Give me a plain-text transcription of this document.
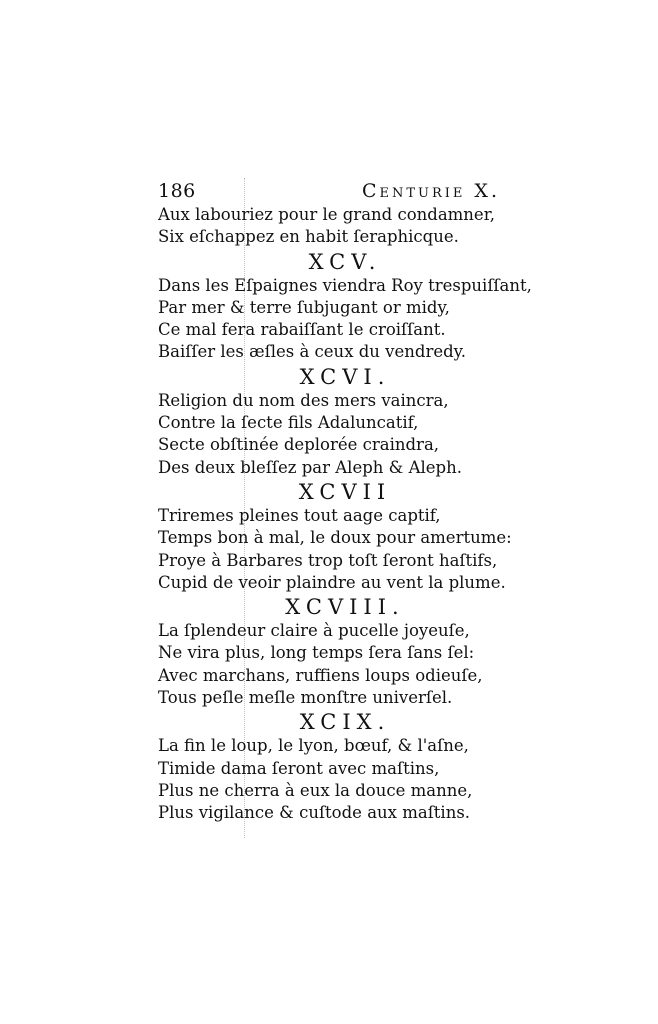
186	Centurie X.
Aux labouriez pour le grand condamner,
Six eſchappez en habit ſeraphicque.
XCV.
Dans les Eſpaignes viendra Roy trespuiſſant,
Par mer & terre ſubjugant or midy,
Ce mal fera rabaiſſant le croiſſant.
Baiſſer les æſles à ceux du vendredy.
XCVI.
Religion du nom des mers vaincra,
Contre la ſecte fils Adaluncatif,
Secte obſtinée deplorée craindra,
Des deux bleſſez par Aleph & Aleph.
XCVII
Triremes pleines tout aage captif,
Temps bon à mal, le doux pour amertume:
Proye à Barbares trop toſt ſeront haſtifs,
Cupid de veoir plaindre au vent la plume.
XCVIII.
La ſplendeur claire à pucelle joyeuſe,
Ne vira plus, long temps ſera ſans ſel:
Avec marchans, ruffiens loups odieuſe,
Tous peſle meſle monſtre univerſel.
XCIX.
La fin le loup, le lyon, bœuf, & l'aſne,
Timide dama ſeront avec maſtins,
Plus ne cherra à eux la douce manne,
Plus vigilance & cuſtode aux maſtins.
